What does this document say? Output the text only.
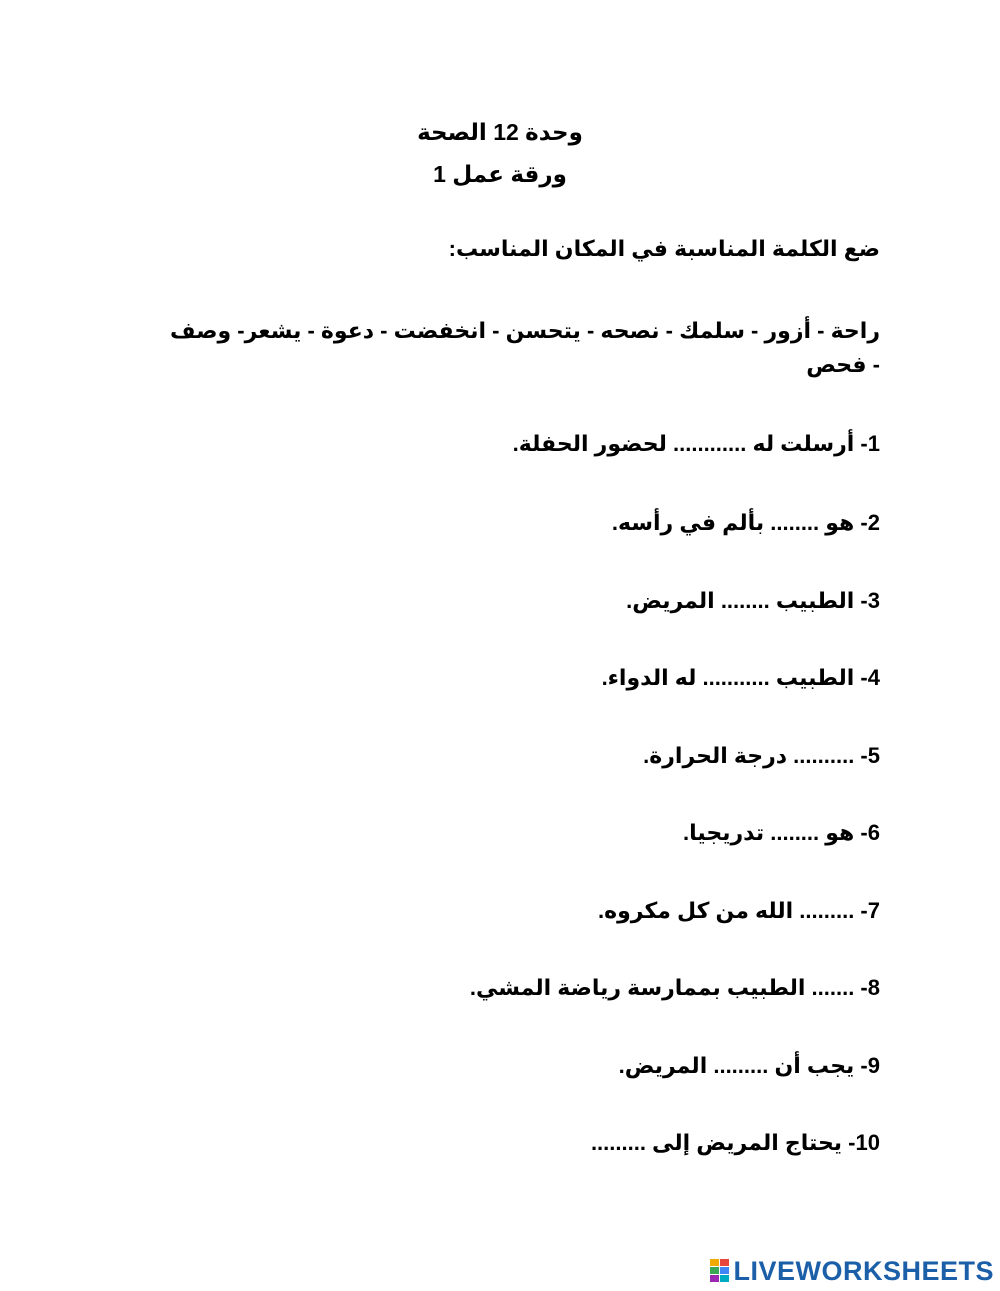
وحدة 12 الصحة
ورقة عمل 1
ضع الكلمة المناسبة في المكان المناسب:
راحة - أزور - سلمك - نصحه - يتحسن - انخفضت - دعوة - يشعر- وصف - فحص
1- أرسلت له ............ لحضور الحفلة.
2- هو ........ بألم في رأسه.
3- الطبيب ........ المريض.
4- الطبيب ........... له الدواء.
5- .......... درجة الحرارة.
6- هو ........ تدريجيا.
7- ......... الله من كل مكروه.
8- ....... الطبيب بممارسة رياضة المشي.
9- يجب أن ......... المريض.
10- يحتاج المريض إلى .........
LIVEWORKSHEETS
